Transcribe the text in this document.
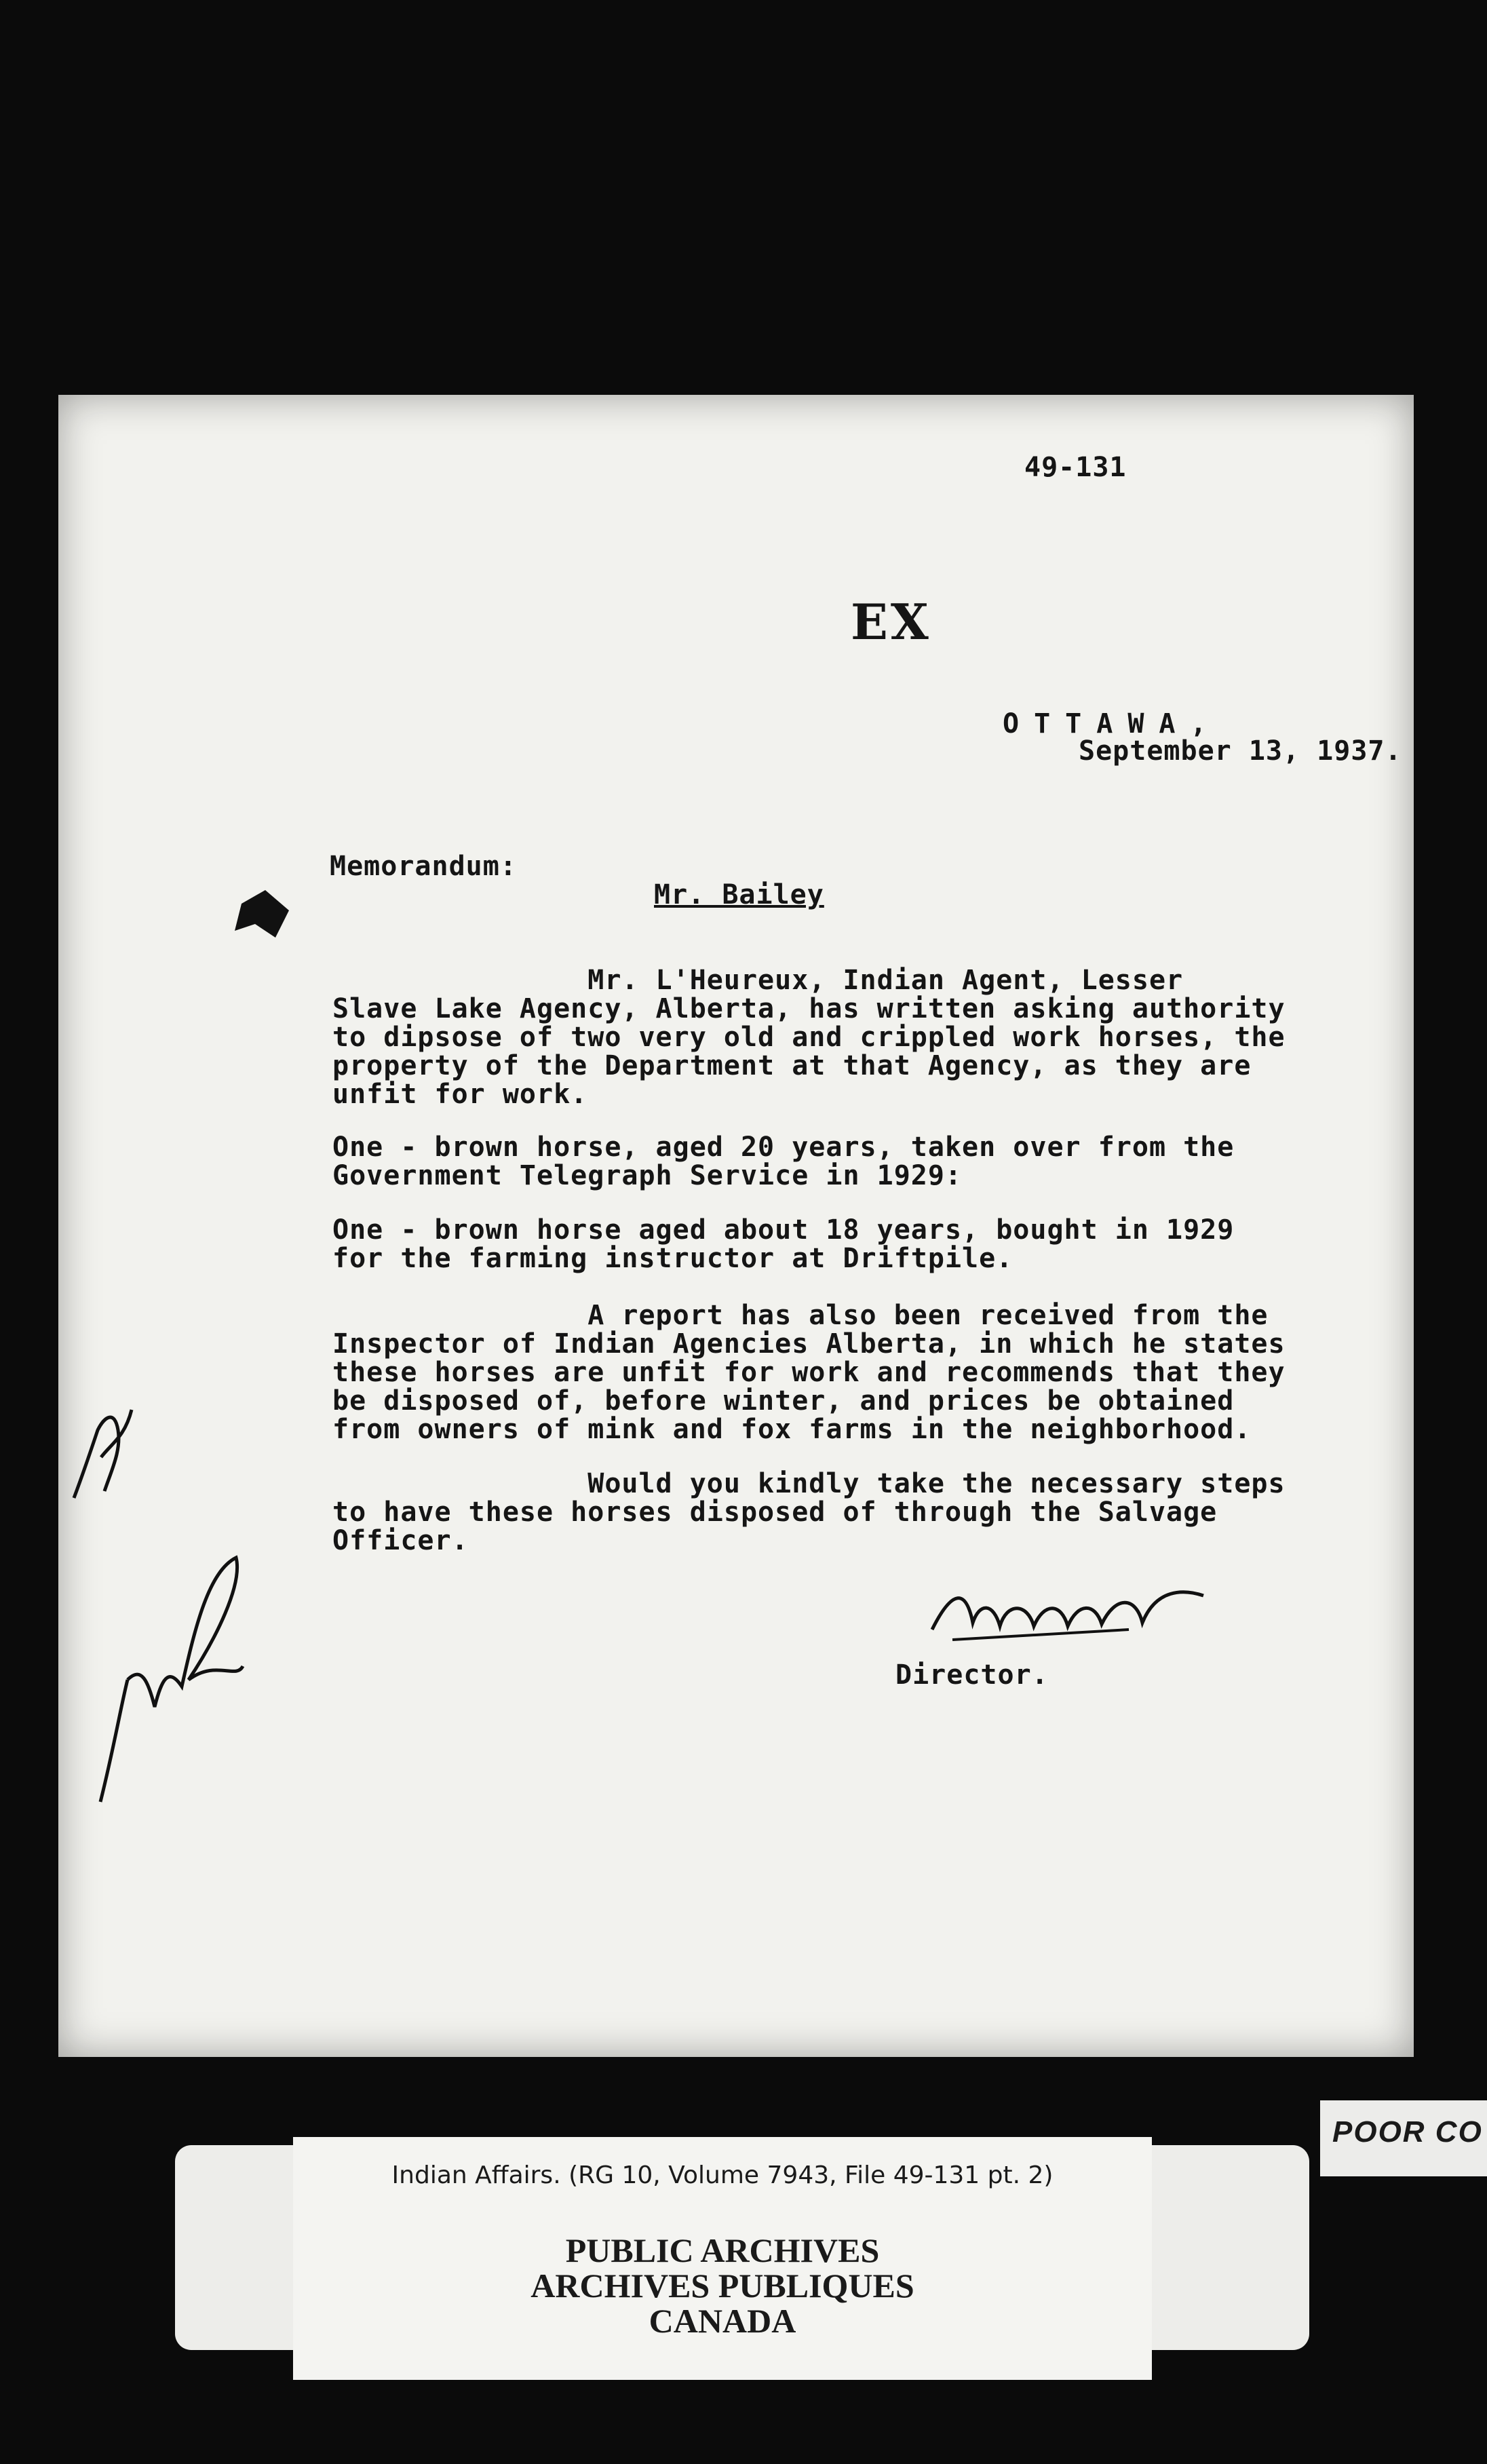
49-131
EX
OTTAWA,
September 13, 1937.
Memorandum:
Mr. Bailey
Mr. L'Heureux, Indian Agent, Lesser
Slave Lake Agency, Alberta, has written asking authority
to dipsose of two very old and crippled work horses, the
property of the Department at that Agency, as they are
unfit for work.
One - brown horse, aged 20 years, taken over from the
Government Telegraph Service in 1929:
One - brown horse aged about 18 years, bought in 1929
for the farming instructor at Driftpile.
A report has also been received from the
Inspector of Indian Agencies Alberta, in which he states
these horses are unfit for work and recommends that they
be disposed of, before winter, and prices be obtained
from owners of mink and fox farms in the neighborhood.
Would you kindly take the necessary steps
to have these horses disposed of through the Salvage
Officer.
Director.
Indian Affairs. (RG 10, Volume 7943, File 49-131 pt. 2)
PUBLIC ARCHIVES
ARCHIVES PUBLIQUES
CANADA
POOR CO
